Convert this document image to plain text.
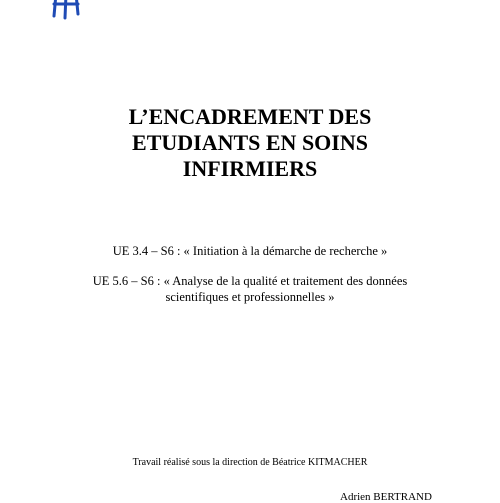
L’ENCADREMENT DES
ETUDIANTS EN SOINS
INFIRMIERS
UE 3.4 – S6 : « Initiation à la démarche de recherche »
UE 5.6 – S6 : « Analyse de la qualité et traitement des données
scientifiques et professionnelles »
Travail réalisé sous la direction de Béatrice KITMACHER
Adrien BERTRAND
